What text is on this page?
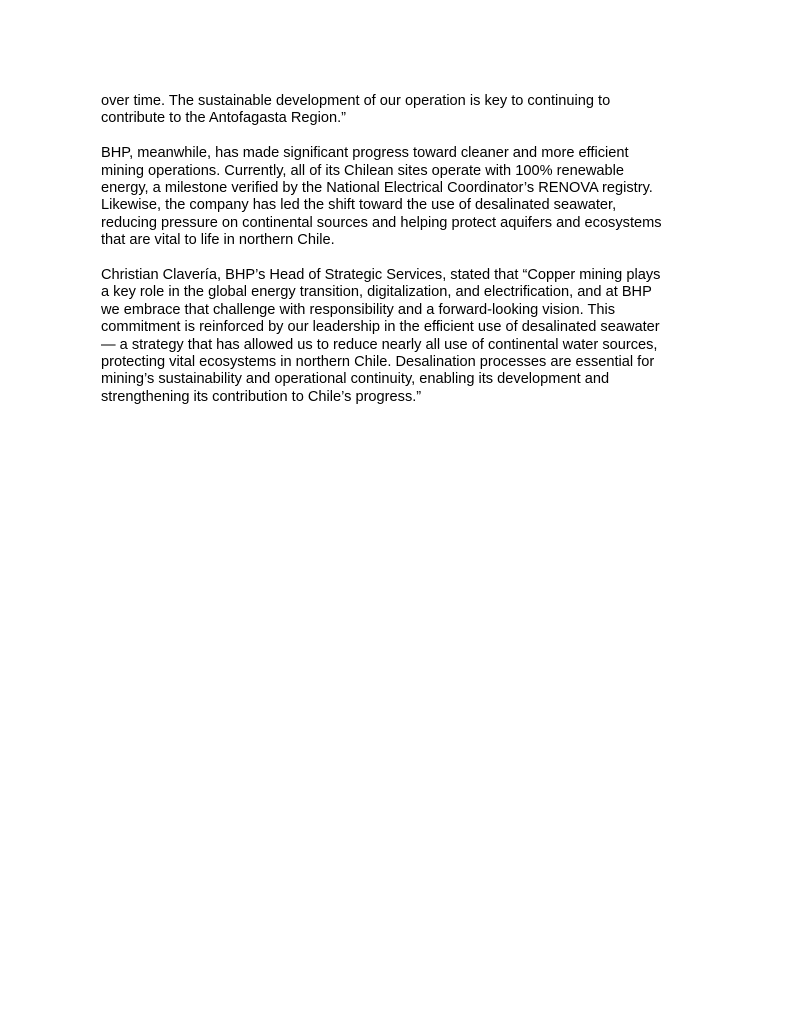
over time. The sustainable development of our operation is key to continuing to
contribute to the Antofagasta Region.”

BHP, meanwhile, has made significant progress toward cleaner and more efficient
mining operations. Currently, all of its Chilean sites operate with 100% renewable
energy, a milestone verified by the National Electrical Coordinator’s RENOVA registry.
Likewise, the company has led the shift toward the use of desalinated seawater,
reducing pressure on continental sources and helping protect aquifers and ecosystems
that are vital to life in northern Chile.

Christian Clavería, BHP’s Head of Strategic Services, stated that “Copper mining plays
a key role in the global energy transition, digitalization, and electrification, and at BHP
we embrace that challenge with responsibility and a forward-looking vision. This
commitment is reinforced by our leadership in the efficient use of desalinated seawater
— a strategy that has allowed us to reduce nearly all use of continental water sources,
protecting vital ecosystems in northern Chile. Desalination processes are essential for
mining’s sustainability and operational continuity, enabling its development and
strengthening its contribution to Chile’s progress.”
